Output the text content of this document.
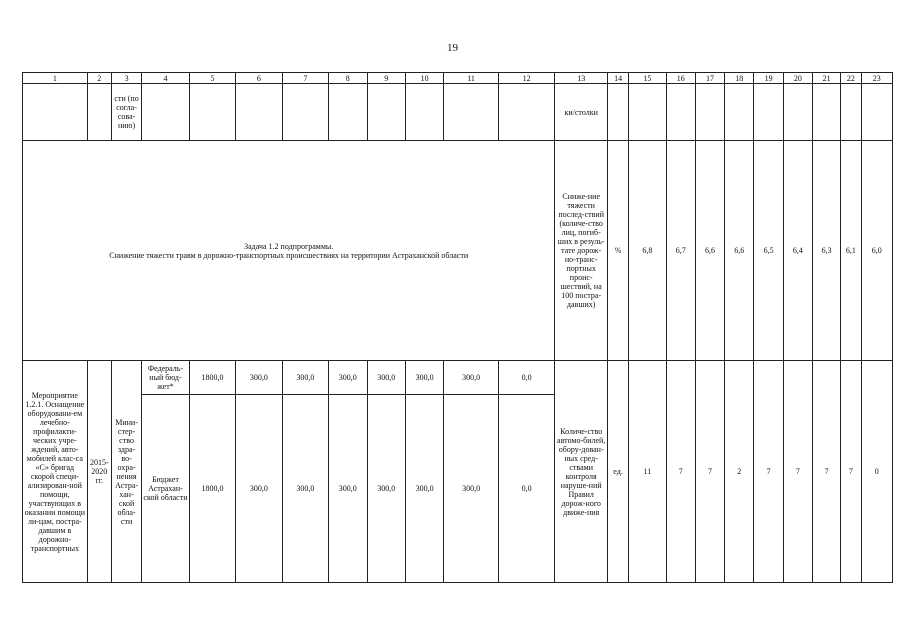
19
1	2	3	4	5	6	7	8	9	10	11	12	13	14	15	16	17	18	19	20	21	22	23
		сти (по согла-сова-нию)										ки/столки										

Задача 1.2 подпрограммы.
Снижение тяжести травм в дорожно-транспортных происшествиях на территории Астраханской области												Сниже-ние тяжести послед-ствий (количе-ство лиц, погиб-ших в резуль-тате дорож-но-транс-портных проис-шествий, на 100 постра-давших)	%	6,8	6,7	6,6	6,6	6,5	6,4	6,3	6,1	6,0
Мероприятие 1.2.1. Оснащение оборудовани-ем лечебно-профилакти-ческих учре-ждений, авто-мобилей клас-са «С» бригад скорой специ-ализирован-ной помощи, участвующих в оказании помощи ли-цам, постра-давшим в дорожно-транспортных	2015-2020 гг.	Мини-стер-ство здра-во-охра-нения Астра-хан-ской обла-сти	Федераль-ный бюд-жет*	1800,0	300,0	300,0	300,0	300,0	300,0	300,0	0,0	Количе-ство автомо-билей, обору-дован-ных сред-ствами контроля наруше-ний Правил дорож-ного движе-ния	ед.	11	7	7	2	7	7	7	7	0
			Бюджет Астрахан-ской области	1800,0	300,0	300,0	300,0	300,0	300,0	300,0	0,0											
